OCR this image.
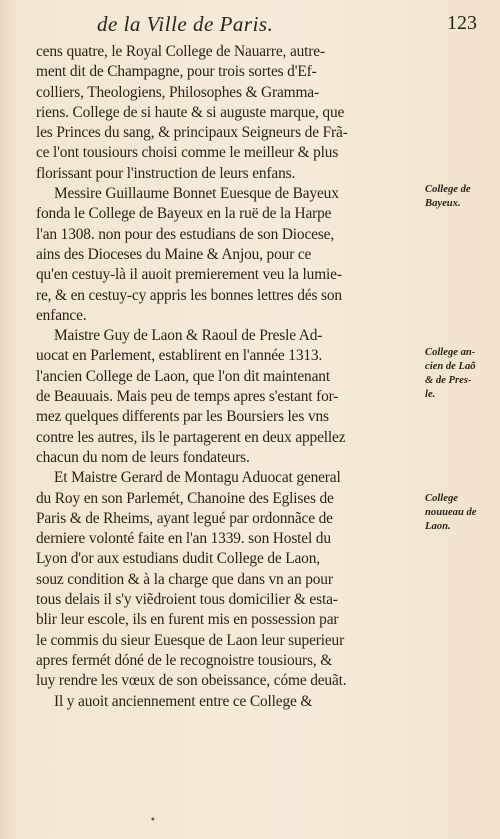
de la Ville de Paris.	123
cens quatre, le Royal College de Nauarre, autre-
ment dit de Champagne, pour trois sortes d'Ef-
colliers, Theologiens, Philosophes & Gramma-
riens. College de si haute & si auguste marque, que
les Princes du sang, & principaux Seigneurs de Frã-
ce l'ont tousiours choisi comme le meilleur & plus
florissant pour l'instruction de leurs enfans.
Messire Guillaume Bonnet Euesque de Bayeux
fonda le College de Bayeux en la ruë de la Harpe
l'an 1308. non pour des estudians de son Diocese,
ains des Dioceses du Maine & Anjou, pour ce
qu'en cestuy-là il auoit premierement veu la lumie-
re, & en cestuy-cy appris les bonnes lettres dés son
enfance.
Maistre Guy de Laon & Raoul de Presle Ad-
uocat en Parlement, establirent en l'année 1313.
l'ancien College de Laon, que l'on dit maintenant
de Beauuais. Mais peu de temps apres s'estant for-
mez quelques differents par les Boursiers les vns
contre les autres, ils le partagerent en deux appellez
chacun du nom de leurs fondateurs.
Et Maistre Gerard de Montagu Aduocat general
du Roy en son Parlemét, Chanoine des Eglises de
Paris & de Rheims, ayant legué par ordonnãce de
derniere volonté faite en l'an 1339. son Hostel du
Lyon d'or aux estudians dudit College de Laon,
souz condition & à la charge que dans vn an pour
tous delais il s'y viẽdroient tous domicilier & esta-
blir leur escole, ils en furent mis en possession par
le commis du sieur Euesque de Laon leur superieur
apres fermét dóné de le recognoistre tousiours, &
luy rendre les vœux de son obeissance, cóme deuãt.
Il y auoit anciennement entre ce College &
College de
Bayeux.
College an-
cien de Laõ
& de Pres-
le.
College
nouueau de
Laon.
•
